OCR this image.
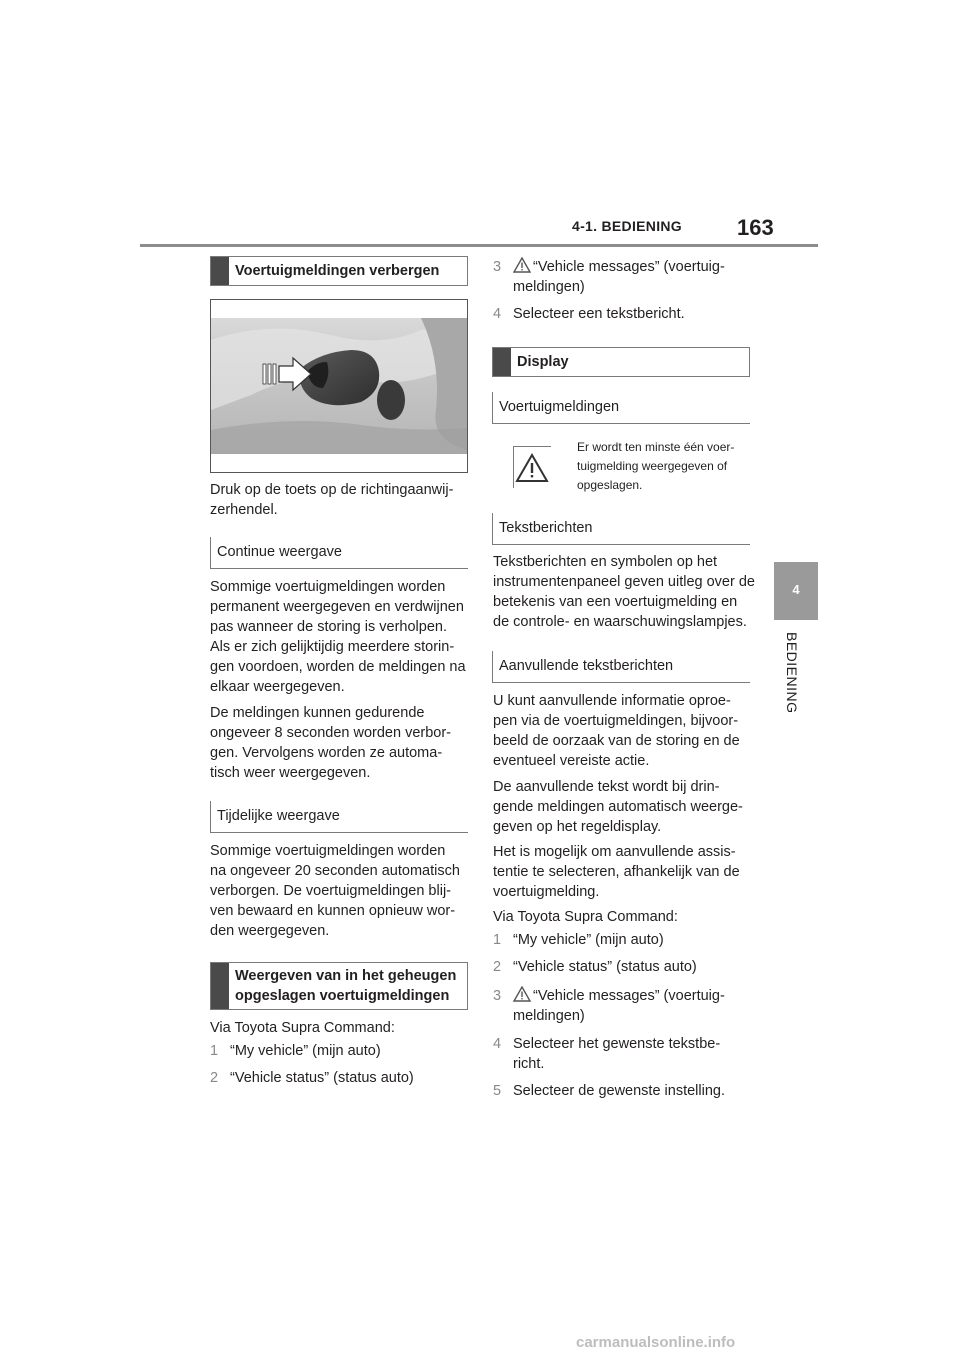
4-1. BEDIENING	163
4
BEDIENING
Voertuigmeldingen verbergen
Druk op de toets op de richtingaanwij-
zerhendel.
Continue weergave
Sommige voertuigmeldingen worden
permanent weergegeven en verdwijnen
pas wanneer de storing is verholpen.
Als er zich gelijktijdig meerdere storin-
gen voordoen, worden de meldingen na
elkaar weergegeven.
De meldingen kunnen gedurende
ongeveer 8 seconden worden verbor-
gen. Vervolgens worden ze automa-
tisch weer weergegeven.
Tijdelijke weergave
Sommige voertuigmeldingen worden
na ongeveer 20 seconden automatisch
verborgen. De voertuigmeldingen blij-
ven bewaard en kunnen opnieuw wor-
den weergegeven.
Weergeven van in het geheugen
opgeslagen voertuigmeldingen
Via Toyota Supra Command:
1 “My vehicle” (mijn auto)
2 “Vehicle status” (status auto)
3	“Vehicle messages” (voertuig-
meldingen)
4 Selecteer een tekstbericht.
Display
Voertuigmeldingen
Er wordt ten minste één voer-
tuigmelding weergegeven of
opgeslagen.
Tekstberichten
Tekstberichten en symbolen op het
instrumentenpaneel geven uitleg over de
betekenis van een voertuigmelding en
de controle- en waarschuwingslampjes.
Aanvullende tekstberichten
U kunt aanvullende informatie oproe-
pen via de voertuigmeldingen, bijvoor-
beeld de oorzaak van de storing en de
eventueel vereiste actie.
De aanvullende tekst wordt bij drin-
gende meldingen automatisch weerge-
geven op het regeldisplay.
Het is mogelijk om aanvullende assis-
tentie te selecteren, afhankelijk van de
voertuigmelding.
Via Toyota Supra Command:
1 “My vehicle” (mijn auto)
2 “Vehicle status” (status auto)
3	“Vehicle messages” (voertuig-
meldingen)
4 Selecteer het gewenste tekstbe-
richt.
5 Selecteer de gewenste instelling.
carmanualsonline.info
